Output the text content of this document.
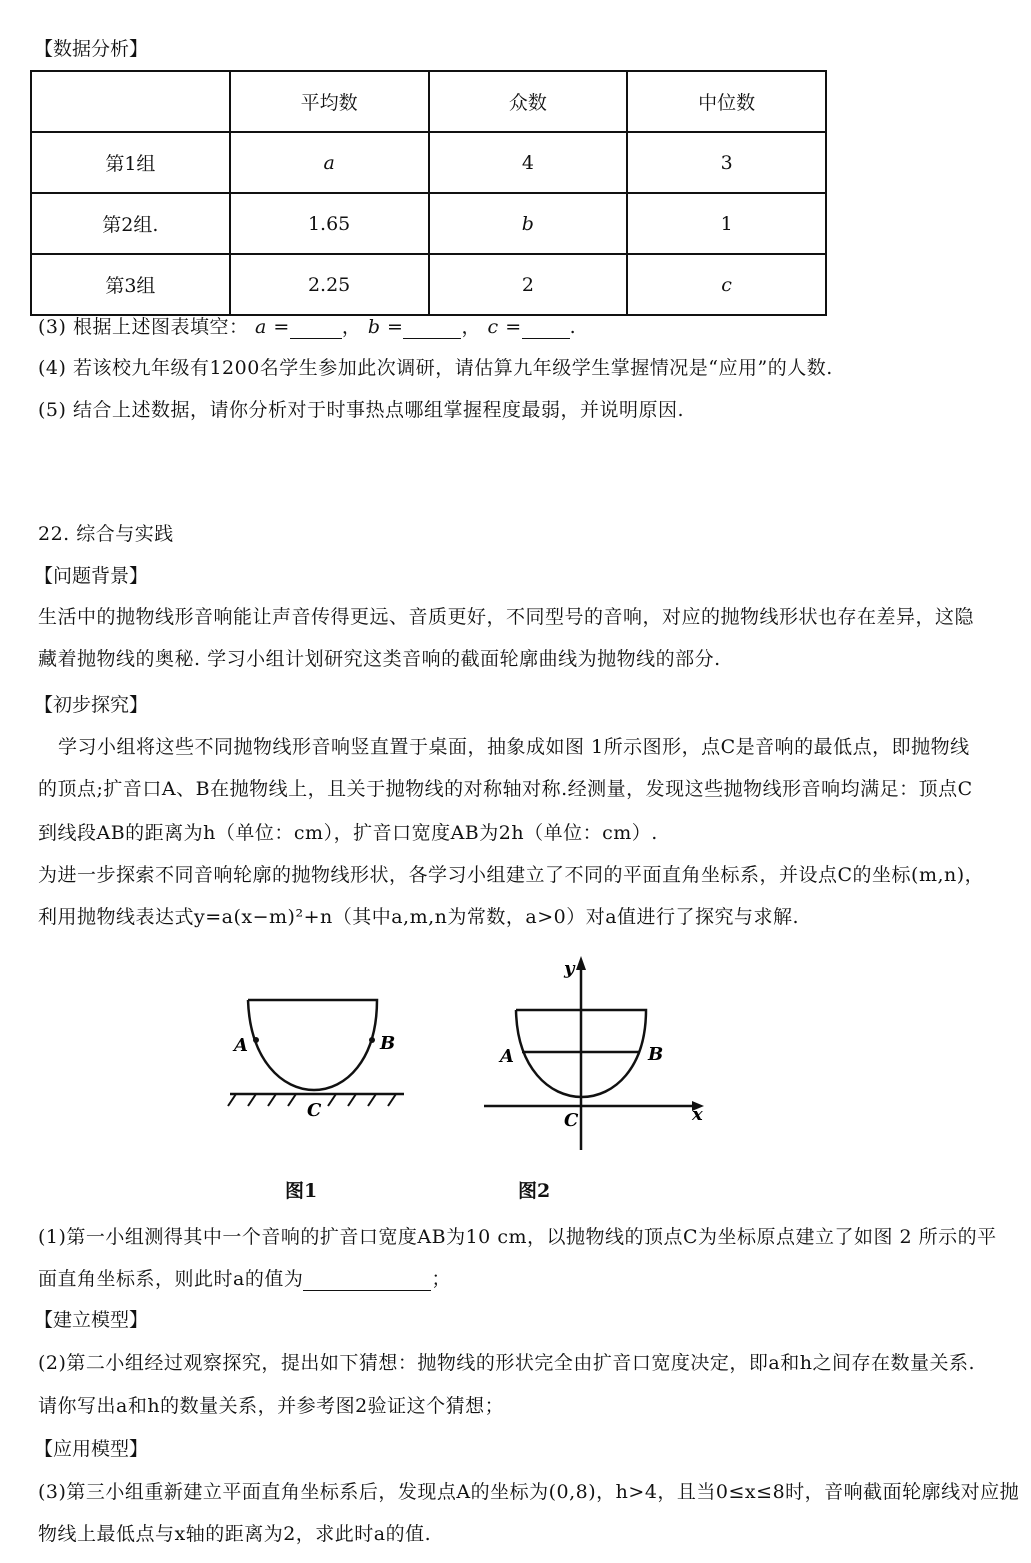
【数据分析】
	平均数	众数	中位数
第1组	a	4	3
第2组.	1.65	b	1
第3组	2.25	2	c
(3) 根据上述图表填空： a =	， b =	， c =	.
(4) 若该校九年级有1200名学生参加此次调研，请估算九年级学生掌握情况是“应用”的人数.
(5) 结合上述数据，请你分析对于时事热点哪组掌握程度最弱，并说明原因.
22. 综合与实践
【问题背景】
生活中的抛物线形音响能让声音传得更远、音质更好，不同型号的音响，对应的抛物线形状也存在差异，这隐
藏着抛物线的奥秘. 学习小组计划研究这类音响的截面轮廓曲线为抛物线的部分.
【初步探究】
学习小组将这些不同抛物线形音响竖直置于桌面，抽象成如图 1所示图形，点C是音响的最低点，即抛物线
的顶点;扩音口A、B在抛物线上，且关于抛物线的对称轴对称.经测量，发现这些抛物线形音响均满足：顶点C
到线段AB的距离为h（单位：cm），扩音口宽度AB为2h（单位：cm）.
为进一步探索不同音响轮廓的抛物线形状，各学习小组建立了不同的平面直角坐标系，并设点C的坐标(m,n)，
利用抛物线表达式y=a(x−m)²+n（其中a,m,n为常数，a>0）对a值进行了探究与求解.
A	B
C
图1
A	B
C	x
y
图2
(1)第一小组测得其中一个音响的扩音口宽度AB为10 cm，以抛物线的顶点C为坐标原点建立了如图 2 所示的平
面直角坐标系，则此时a的值为	；
【建立模型】
(2)第二小组经过观察探究，提出如下猜想：抛物线的形状完全由扩音口宽度决定，即a和h之间存在数量关系.
请你写出a和h的数量关系，并参考图2验证这个猜想；
【应用模型】
(3)第三小组重新建立平面直角坐标系后，发现点A的坐标为(0,8)，h>4，且当0≤x≤8时，音响截面轮廓线对应抛
物线上最低点与x轴的距离为2，求此时a的值.
